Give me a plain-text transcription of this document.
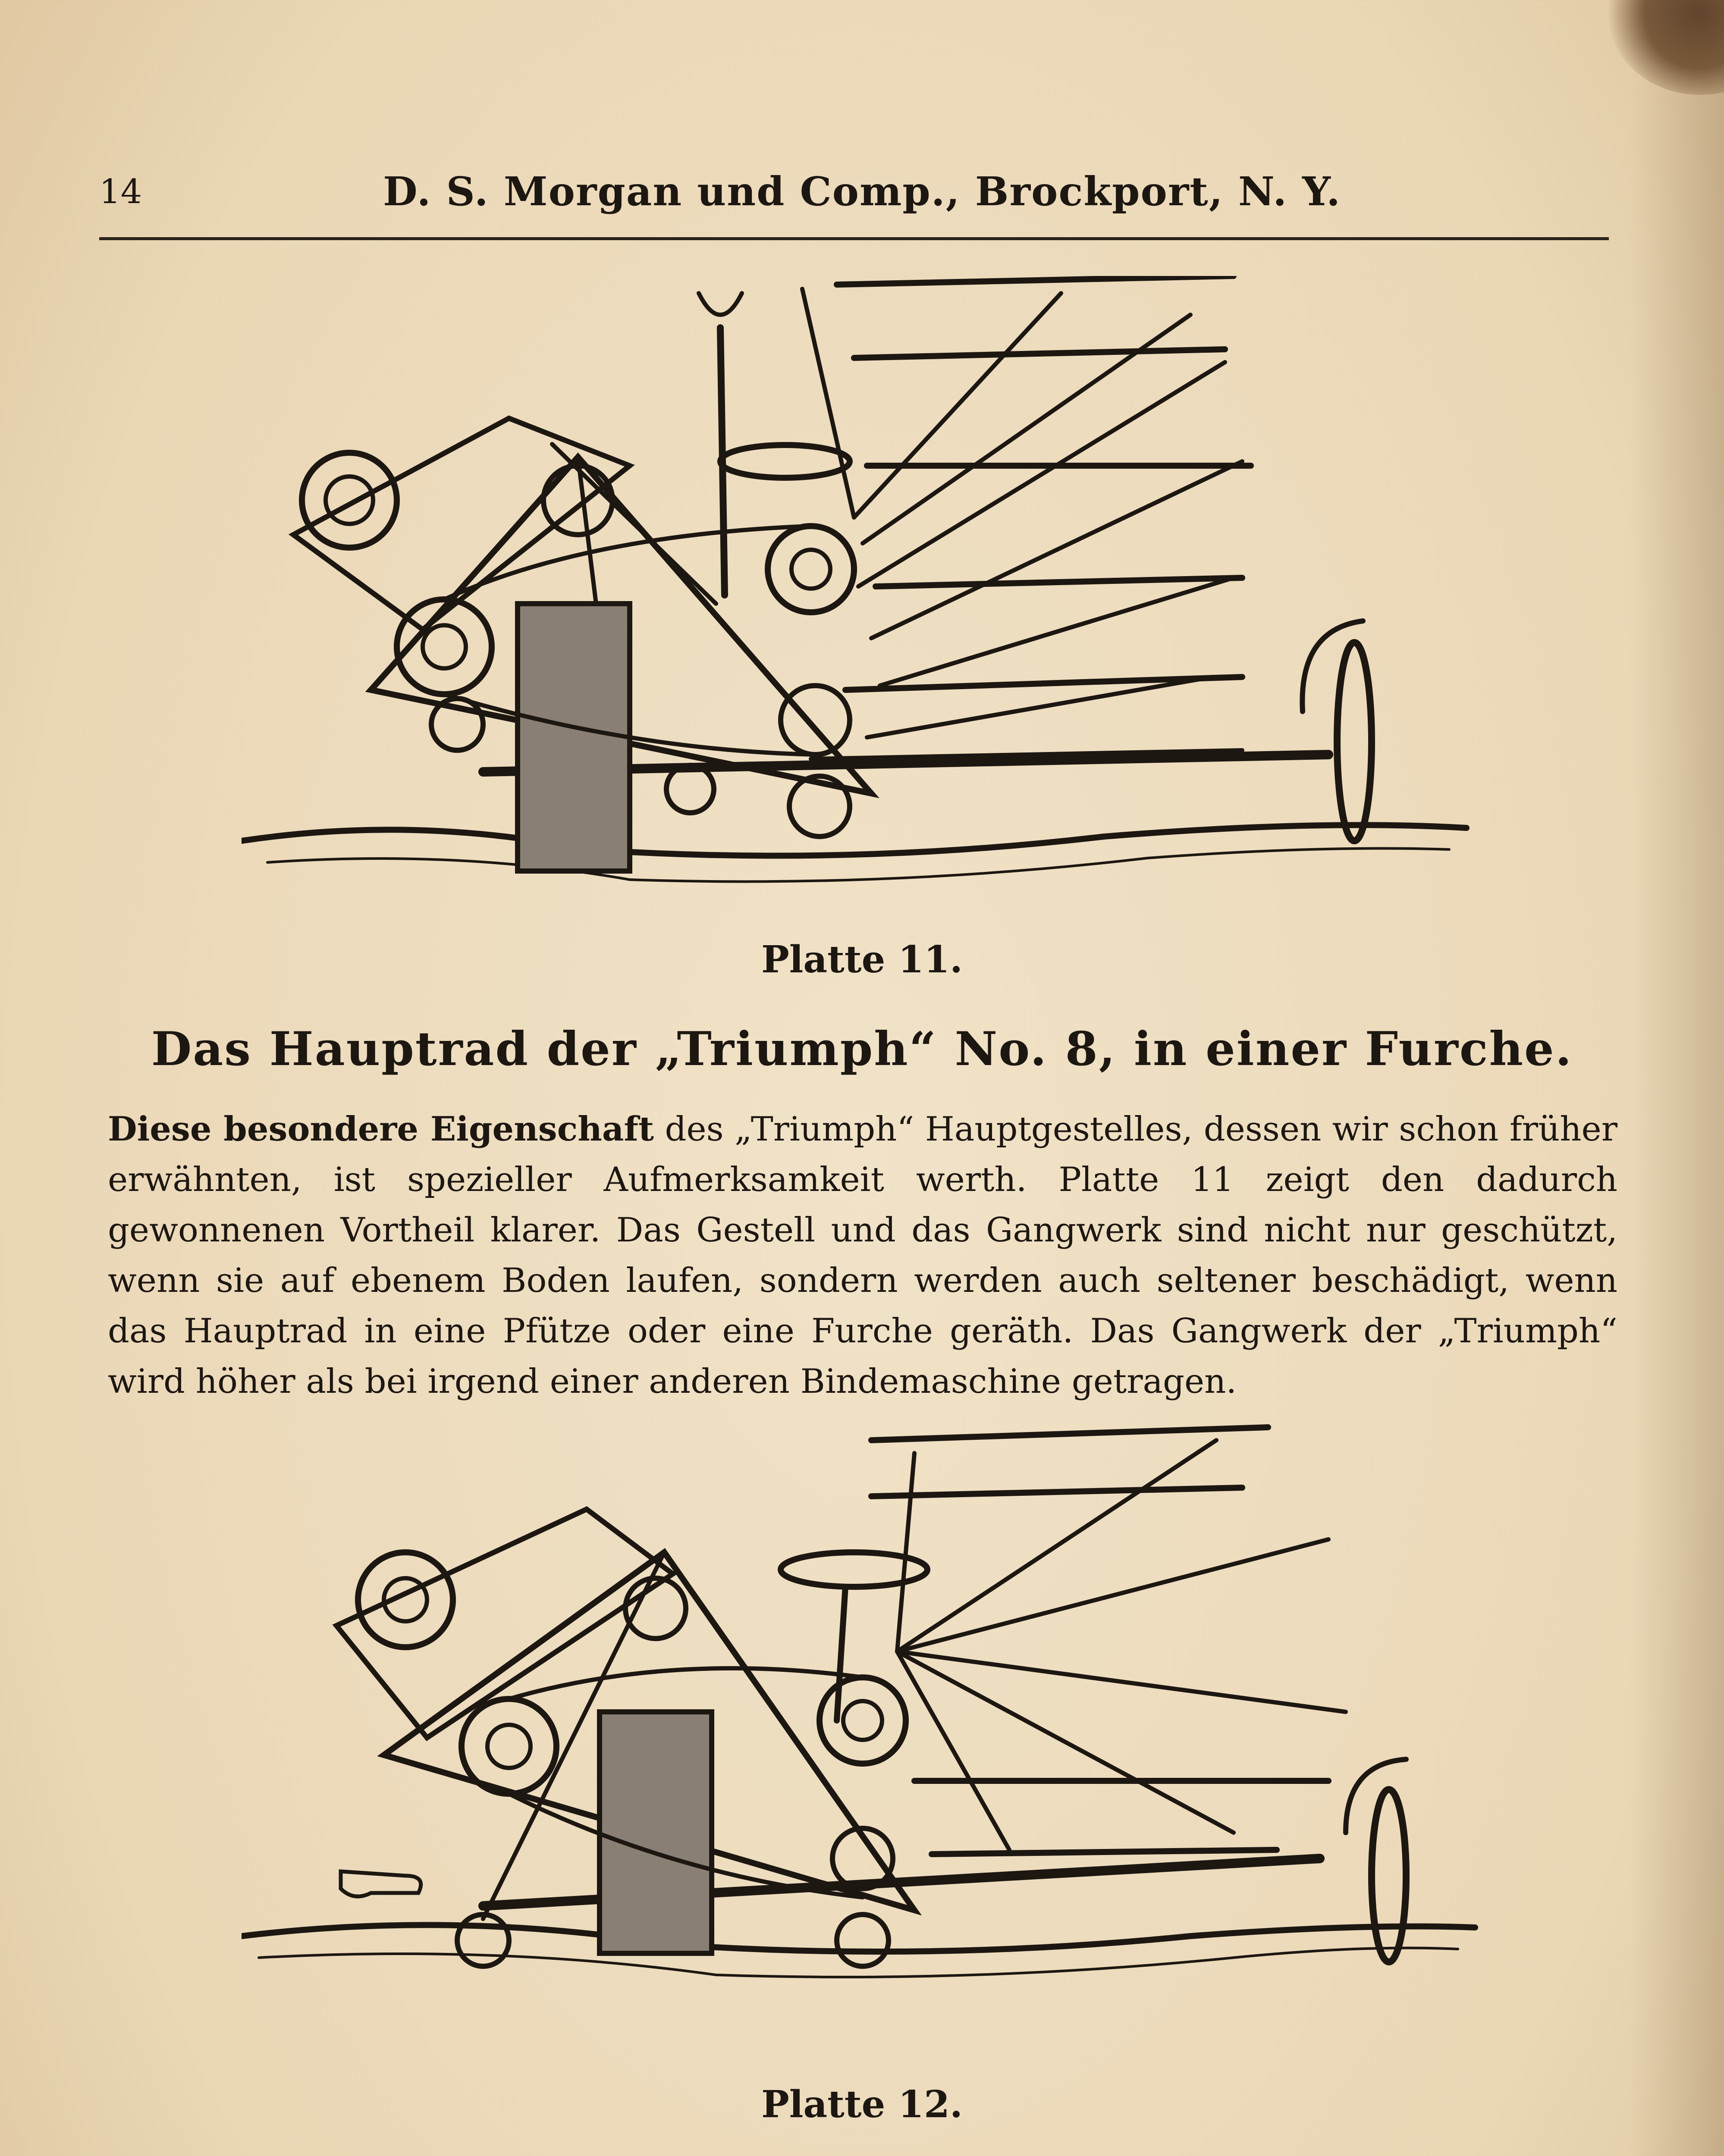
14	D. S. Morgan und Comp., Brockport, N. Y.
Platte 11.
Das Hauptrad der „Triumph“ No. 8, in einer Furche.
Diese besondere Eigenschaft des „Triumph“ Hauptgestelles, dessen wir schon früher erwähnten, ist spezieller Aufmerksamkeit werth. Platte 11 zeigt den dadurch gewonnenen Vortheil klarer. Das Gestell und das Gangwerk sind nicht nur geschützt, wenn sie auf ebenem Boden laufen, sondern werden auch seltener beschädigt, wenn das Hauptrad in eine Pfütze oder eine Furche geräth. Das Gangwerk der „Triumph“ wird höher als bei irgend einer anderen Bindemaschine getragen.
Platte 12.
